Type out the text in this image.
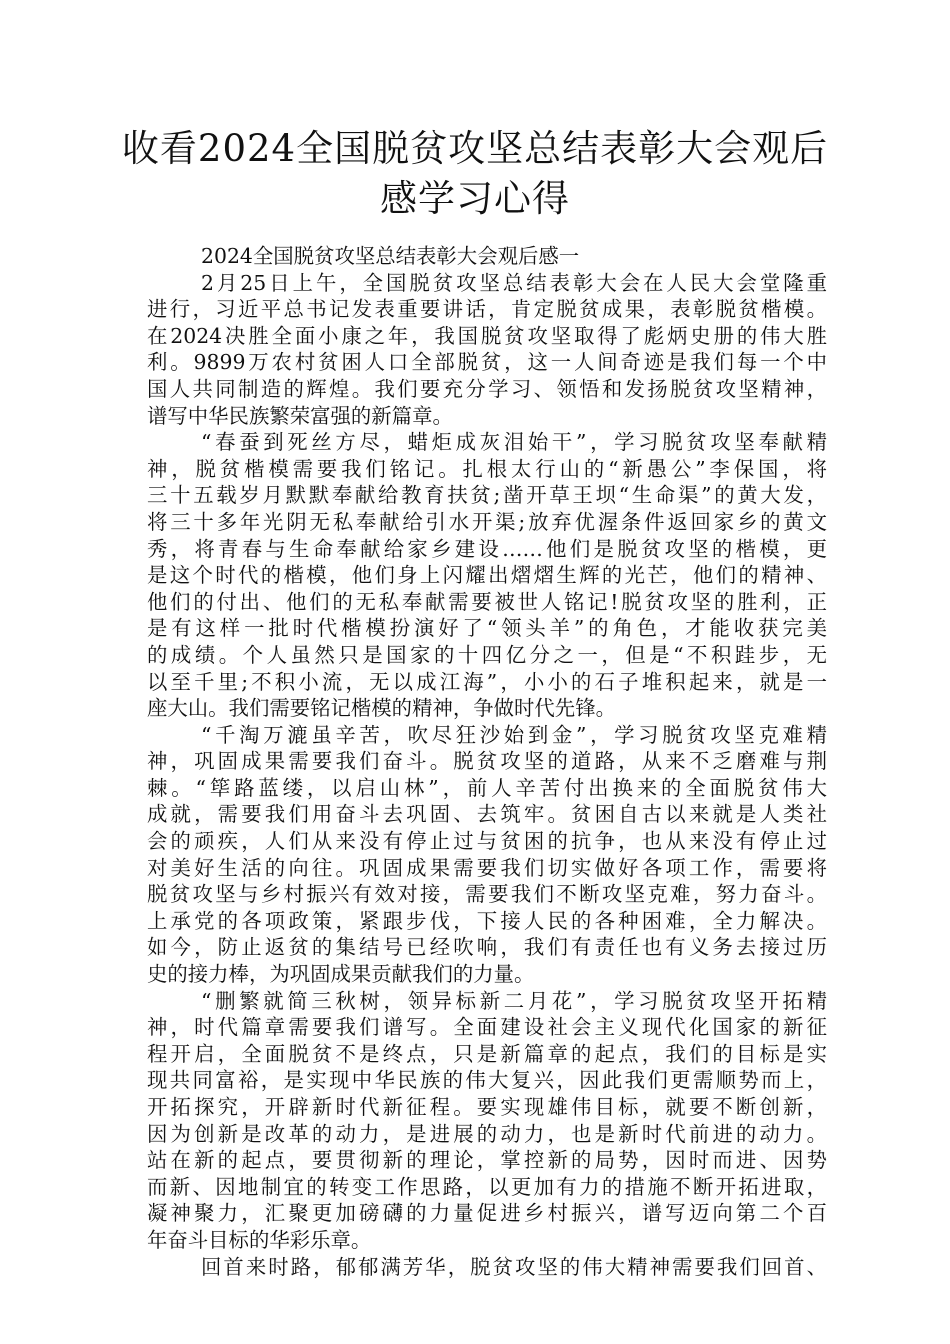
收看2024全国脱贫攻坚总结表彰大会观后
感学习心得
2024全国脱贫攻坚总结表彰大会观后感一
2月25日上午，全国脱贫攻坚总结表彰大会在人民大会堂隆重
进行，习近平总书记发表重要讲话，肯定脱贫成果，表彰脱贫楷模。
在2024决胜全面小康之年，我国脱贫攻坚取得了彪炳史册的伟大胜
利。9899万农村贫困人口全部脱贫，这一人间奇迹是我们每一个中
国人共同制造的辉煌。我们要充分学习、领悟和发扬脱贫攻坚精神，
谱写中华民族繁荣富强的新篇章。
“春蚕到死丝方尽，蜡炬成灰泪始干”，学习脱贫攻坚奉献精
神，脱贫楷模需要我们铭记。扎根太行山的“新愚公”李保国，将
三十五载岁月默默奉献给教育扶贫;凿开草王坝“生命渠”的黄大发，
将三十多年光阴无私奉献给引水开渠;放弃优渥条件返回家乡的黄文
秀，将青春与生命奉献给家乡建设……他们是脱贫攻坚的楷模，更
是这个时代的楷模，他们身上闪耀出熠熠生辉的光芒，他们的精神、
他们的付出、他们的无私奉献需要被世人铭记!脱贫攻坚的胜利，正
是有这样一批时代楷模扮演好了“领头羊”的角色，才能收获完美
的成绩。个人虽然只是国家的十四亿分之一，但是“不积跬步，无
以至千里;不积小流，无以成江海”，小小的石子堆积起来，就是一
座大山。我们需要铭记楷模的精神，争做时代先锋。
“千淘万漉虽辛苦，吹尽狂沙始到金”，学习脱贫攻坚克难精
神，巩固成果需要我们奋斗。脱贫攻坚的道路，从来不乏磨难与荆
棘。“筚路蓝缕，以启山林”，前人辛苦付出换来的全面脱贫伟大
成就，需要我们用奋斗去巩固、去筑牢。贫困自古以来就是人类社
会的顽疾，人们从来没有停止过与贫困的抗争，也从来没有停止过
对美好生活的向往。巩固成果需要我们切实做好各项工作，需要将
脱贫攻坚与乡村振兴有效对接，需要我们不断攻坚克难，努力奋斗。
上承党的各项政策，紧跟步伐，下接人民的各种困难，全力解决。
如今，防止返贫的集结号已经吹响，我们有责任也有义务去接过历
史的接力棒，为巩固成果贡献我们的力量。
“删繁就简三秋树，领异标新二月花”，学习脱贫攻坚开拓精
神，时代篇章需要我们谱写。全面建设社会主义现代化国家的新征
程开启，全面脱贫不是终点，只是新篇章的起点，我们的目标是实
现共同富裕，是实现中华民族的伟大复兴，因此我们更需顺势而上，
开拓探究，开辟新时代新征程。要实现雄伟目标，就要不断创新，
因为创新是改革的动力，是进展的动力，也是新时代前进的动力。
站在新的起点，要贯彻新的理论，掌控新的局势，因时而进、因势
而新、因地制宜的转变工作思路，以更加有力的措施不断开拓进取，
凝神聚力，汇聚更加磅礴的力量促进乡村振兴，谱写迈向第二个百
年奋斗目标的华彩乐章。
回首来时路，郁郁满芳华，脱贫攻坚的伟大精神需要我们回首、
